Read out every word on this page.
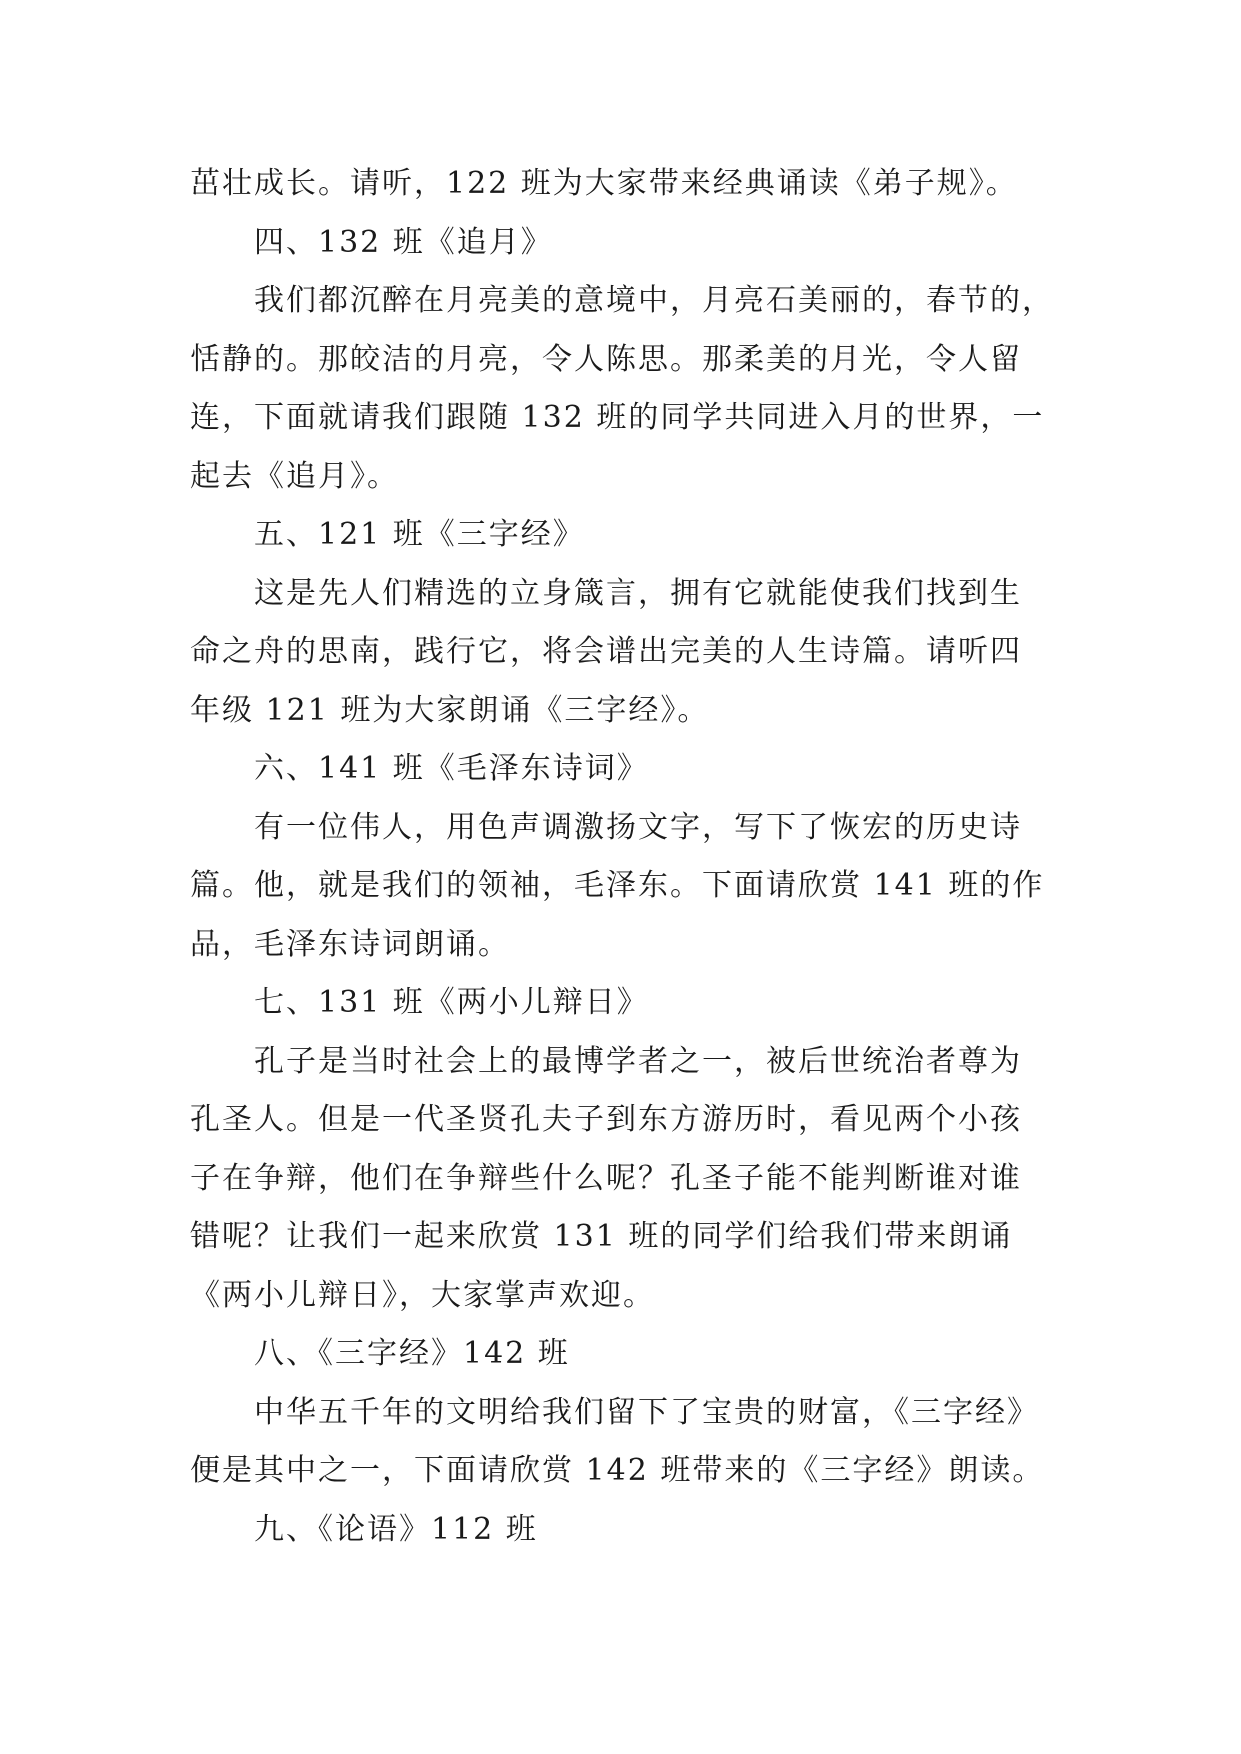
茁壮成长。请听，122 班为大家带来经典诵读《弟子规》。
四、132 班《追月》
我们都沉醉在月亮美的意境中，月亮石美丽的，春节的，
恬静的。那皎洁的月亮，令人陈思。那柔美的月光，令人留
连，下面就请我们跟随 132 班的同学共同进入月的世界，一
起去《追月》。
五、121 班《三字经》
这是先人们精选的立身箴言，拥有它就能使我们找到生
命之舟的思南，践行它，将会谱出完美的人生诗篇。请听四
年级 121 班为大家朗诵《三字经》。
六、141 班《毛泽东诗词》
有一位伟人，用色声调激扬文字，写下了恢宏的历史诗
篇。他，就是我们的领袖，毛泽东。下面请欣赏 141 班的作
品，毛泽东诗词朗诵。
七、131 班《两小儿辩日》
孔子是当时社会上的最博学者之一，被后世统治者尊为
孔圣人。但是一代圣贤孔夫子到东方游历时，看见两个小孩
子在争辩，他们在争辩些什么呢？孔圣子能不能判断谁对谁
错呢？让我们一起来欣赏 131 班的同学们给我们带来朗诵
《两小儿辩日》，大家掌声欢迎。
八、《三字经》142 班
中华五千年的文明给我们留下了宝贵的财富，《三字经》
便是其中之一，下面请欣赏 142 班带来的《三字经》朗读。
九、《论语》112 班
